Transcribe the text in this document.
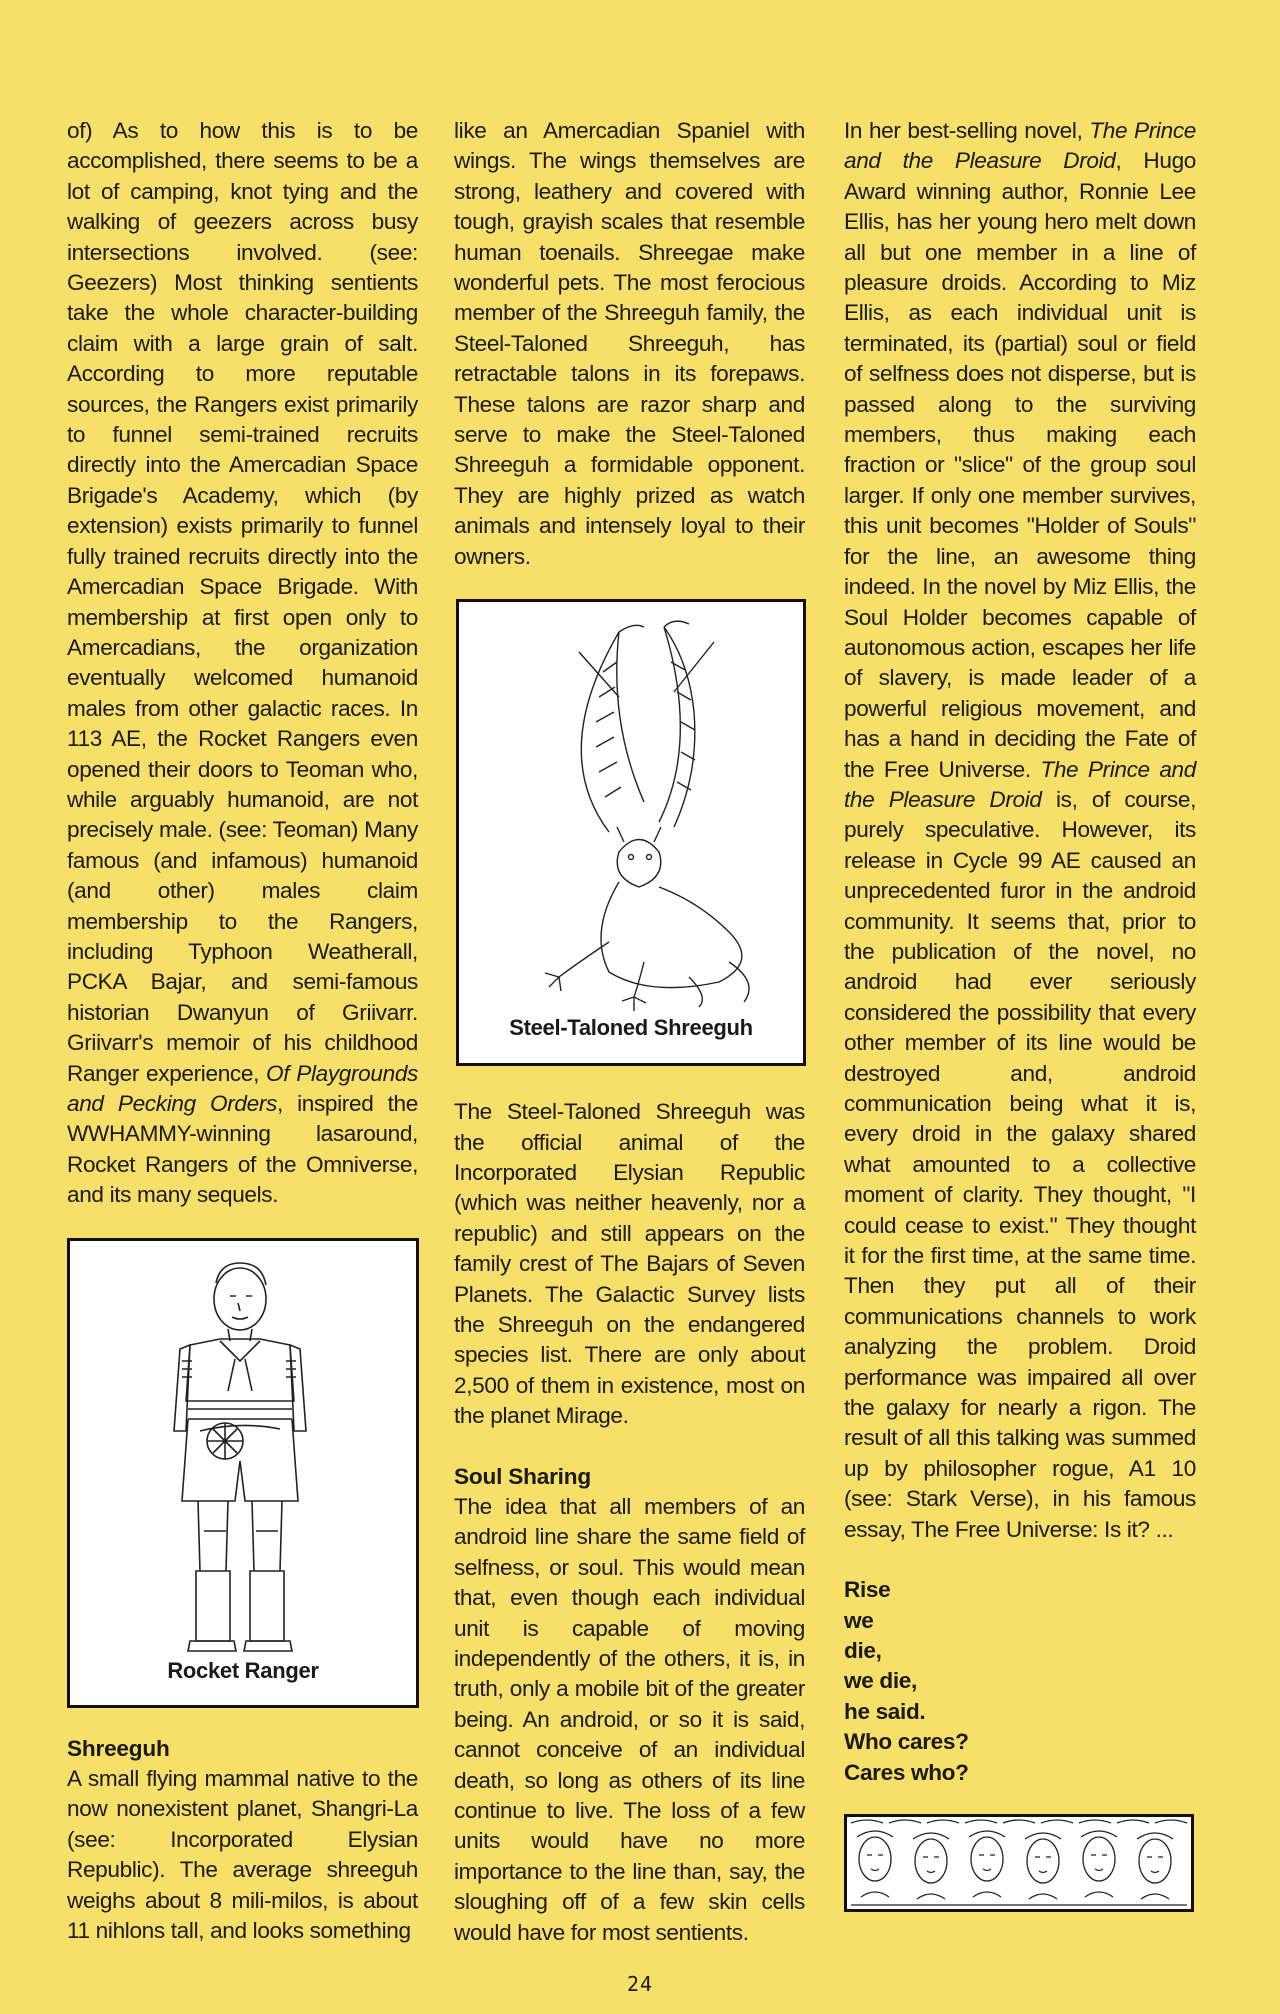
of) As to how this is to be accomplished, there seems to be a lot of camping, knot tying and the walking of geezers across busy intersections involved. (see: Geezers) Most thinking sentients take the whole character-building claim with a large grain of salt. According to more reputable sources, the Rangers exist primarily to funnel semi-trained recruits directly into the Amercadian Space Brigade's Academy, which (by extension) exists primarily to funnel fully trained recruits directly into the Amercadian Space Brigade. With membership at first open only to Amercadians, the organization eventually welcomed humanoid males from other galactic races. In 113 AE, the Rocket Rangers even opened their doors to Teoman who, while arguably humanoid, are not precisely male. (see: Teoman) Many famous (and infamous) humanoid (and other) males claim membership to the Rangers, including Typhoon Weatherall, PCKA Bajar, and semi-famous historian Dwanyun of Griivarr. Griivarr's memoir of his childhood Ranger experience, Of Playgrounds and Pecking Orders, inspired the WWHAMMY-winning lasaround, Rocket Rangers of the Omniverse, and its many sequels.

Rocket Ranger

Shreeguh

A small flying mammal native to the now nonexistent planet, Shangri-La (see: Incorporated Elysian Republic). The average shreeguh weighs about 8 mili-milos, is about 11 nihlons tall, and looks something

like an Amercadian Spaniel with wings. The wings themselves are strong, leathery and covered with tough, grayish scales that resemble human toenails. Shreegae make wonderful pets. The most ferocious member of the Shreeguh family, the Steel-Taloned Shreeguh, has retractable talons in its forepaws. These talons are razor sharp and serve to make the Steel-Taloned Shreeguh a formidable opponent. They are highly prized as watch animals and intensely loyal to their owners.

Steel-Taloned Shreeguh

The Steel-Taloned Shreeguh was the official animal of the Incorporated Elysian Republic (which was neither heavenly, nor a republic) and still appears on the family crest of The Bajars of Seven Planets. The Galactic Survey lists the Shreeguh on the endangered species list. There are only about 2,500 of them in existence, most on the planet Mirage.

Soul Sharing

The idea that all members of an android line share the same field of selfness, or soul. This would mean that, even though each individual unit is capable of moving independently of the others, it is, in truth, only a mobile bit of the greater being. An android, or so it is said, cannot conceive of an individual death, so long as others of its line continue to live. The loss of a few units would have no more importance to the line than, say, the sloughing off of a few skin cells would have for most sentients.

In her best-selling novel, The Prince and the Pleasure Droid, Hugo Award winning author, Ronnie Lee Ellis, has her young hero melt down all but one member in a line of pleasure droids. According to Miz Ellis, as each individual unit is terminated, its (partial) soul or field of selfness does not disperse, but is passed along to the surviving members, thus making each fraction or "slice" of the group soul larger. If only one member survives, this unit becomes "Holder of Souls" for the line, an awesome thing indeed. In the novel by Miz Ellis, the Soul Holder becomes capable of autonomous action, escapes her life of slavery, is made leader of a powerful religious movement, and has a hand in deciding the Fate of the Free Universe. The Prince and the Pleasure Droid is, of course, purely speculative. However, its release in Cycle 99 AE caused an unprecedented furor in the android community. It seems that, prior to the publication of the novel, no android had ever seriously considered the possibility that every other member of its line would be destroyed and, android communication being what it is, every droid in the galaxy shared what amounted to a collective moment of clarity. They thought, "I could cease to exist." They thought it for the first time, at the same time. Then they put all of their communications channels to work analyzing the problem. Droid performance was impaired all over the galaxy for nearly a rigon. The result of all this talking was summed up by philosopher rogue, A1 10 (see: Stark Verse), in his famous essay, The Free Universe: Is it? ...

Rise

we

die,

we die,

he said.

Who cares?

Cares who?

24
